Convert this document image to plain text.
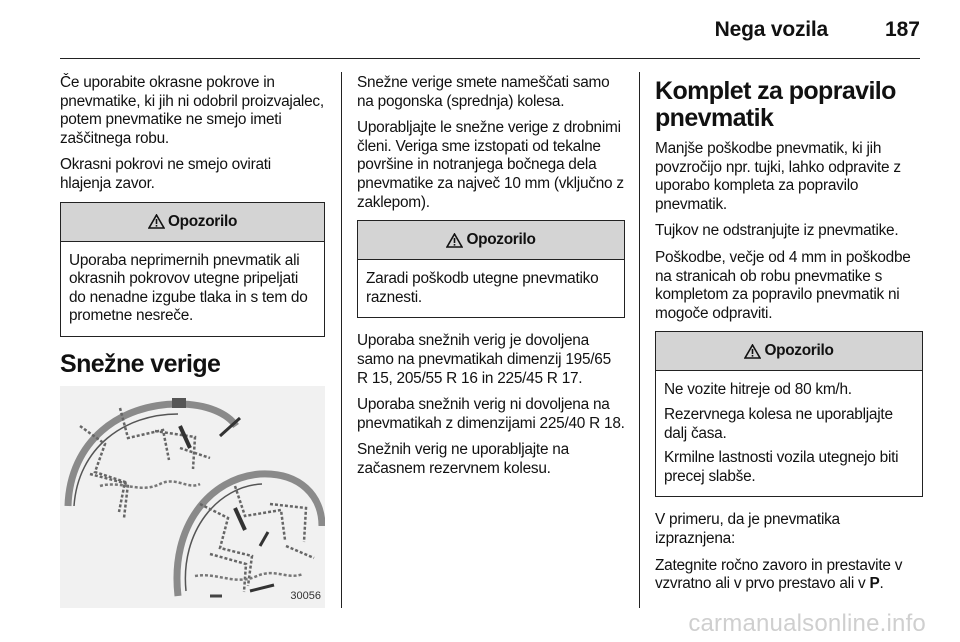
Nega vozila	187

Če uporabite okrasne pokrove in pnevmatike, ki jih ni odobril proizvajalec, potem pnevmatike ne smejo imeti zaščitnega robu.

Okrasni pokrovi ne smejo ovirati hlajenja zavor.

Opozorilo

Uporaba neprimernih pnevmatik ali okrasnih pokrovov utegne pripeljati do nenadne izgube tlaka in s tem do prometne nesreče.

Snežne verige
30056

Snežne verige smete nameščati samo na pogonska (sprednja) kolesa.

Uporabljajte le snežne verige z drobnimi členi. Veriga sme izstopati od tekalne površine in notranjega bočnega dela pnevmatike za največ 10 mm (vključno z zaklepom).

Opozorilo

Zaradi poškodb utegne pnevmatiko raznesti.

Uporaba snežnih verig je dovoljena samo na pnevmatikah dimenzij 195/65 R 15, 205/55 R 16 in 225/45 R 17.

Uporaba snežnih verig ni dovoljena na pnevmatikah z dimenzijami 225/40 R 18.

Snežnih verig ne uporabljajte na začasnem rezervnem kolesu.

Komplet za popravilo pnevmatik

Manjše poškodbe pnevmatik, ki jih povzročijo npr. tujki, lahko odpravite z uporabo kompleta za popravilo pnevmatik.

Tujkov ne odstranjujte iz pnevmatike.

Poškodbe, večje od 4 mm in poškodbe na stranicah ob robu pnevmatike s kompletom za popravilo pnevmatik ni mogoče odpraviti.

Opozorilo

Ne vozite hitreje od 80 km/h.

Rezervnega kolesa ne uporabljajte dalj časa.

Krmilne lastnosti vozila utegnejo biti precej slabše.

V primeru, da je pnevmatika izpraznjena:

Zategnite ročno zavoro in prestavite v vzvratno ali v prvo prestavo ali v P.

carmanualsonline.info
